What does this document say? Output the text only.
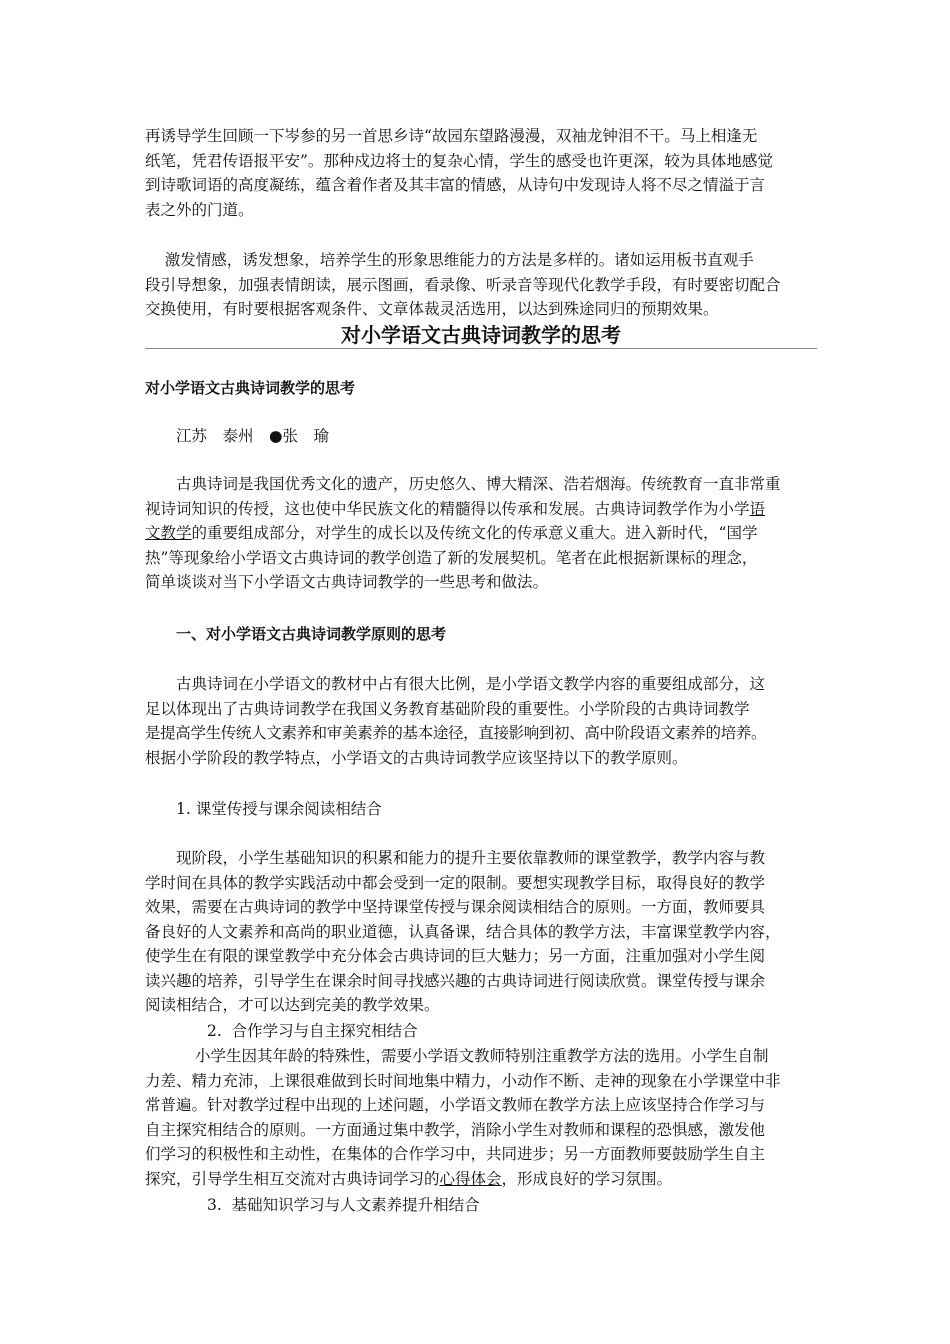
再诱导学生回顾一下岑参的另一首思乡诗“故园东望路漫漫，双袖龙钟泪不干。马上相逢无
纸笔，凭君传语报平安”。那种戍边将士的复杂心情，学生的感受也许更深，较为具体地感觉
到诗歌词语的高度凝练，蕴含着作者及其丰富的情感，从诗句中发现诗人将不尽之情溢于言
表之外的门道。
激发情感，诱发想象，培养学生的形象思维能力的方法是多样的。诸如运用板书直观手
段引导想象，加强表情朗读，展示图画，看录像、听录音等现代化教学手段，有时要密切配合
交换使用，有时要根据客观条件、文章体裁灵活选用，以达到殊途同归的预期效果。
对小学语文古典诗词教学的思考
对小学语文古典诗词教学的思考
江苏　泰州　●张　瑜
古典诗词是我国优秀文化的遗产，历史悠久、博大精深、浩若烟海。传统教育一直非常重
视诗词知识的传授，这也使中华民族文化的精髓得以传承和发展。古典诗词教学作为小学语
文教学的重要组成部分，对学生的成长以及传统文化的传承意义重大。进入新时代，“国学
热”等现象给小学语文古典诗词的教学创造了新的发展契机。笔者在此根据新课标的理念，
简单谈谈对当下小学语文古典诗词教学的一些思考和做法。
一、对小学语文古典诗词教学原则的思考
古典诗词在小学语文的教材中占有很大比例，是小学语文教学内容的重要组成部分，这
足以体现出了古典诗词教学在我国义务教育基础阶段的重要性。小学阶段的古典诗词教学
是提高学生传统人文素养和审美素养的基本途径，直接影响到初、高中阶段语文素养的培养。
根据小学阶段的教学特点，小学语文的古典诗词教学应该坚持以下的教学原则。
1. 课堂传授与课余阅读相结合
现阶段，小学生基础知识的积累和能力的提升主要依靠教师的课堂教学，教学内容与教
学时间在具体的教学实践活动中都会受到一定的限制。要想实现教学目标，取得良好的教学
效果，需要在古典诗词的教学中坚持课堂传授与课余阅读相结合的原则。一方面，教师要具
备良好的人文素养和高尚的职业道德，认真备课，结合具体的教学方法，丰富课堂教学内容，
使学生在有限的课堂教学中充分体会古典诗词的巨大魅力；另一方面，注重加强对小学生阅
读兴趣的培养，引导学生在课余时间寻找感兴趣的古典诗词进行阅读欣赏。课堂传授与课余
阅读相结合，才可以达到完美的教学效果。
2.  合作学习与自主探究相结合
小学生因其年龄的特殊性，需要小学语文教师特别注重教学方法的选用。小学生自制
力差、精力充沛，上课很难做到长时间地集中精力，小动作不断、走神的现象在小学课堂中非
常普遍。针对教学过程中出现的上述问题，小学语文教师在教学方法上应该坚持合作学习与
自主探究相结合的原则。一方面通过集中教学，消除小学生对教师和课程的恐惧感，激发他
们学习的积极性和主动性，在集体的合作学习中，共同进步；另一方面教师要鼓励学生自主
探究，引导学生相互交流对古典诗词学习的心得体会，形成良好的学习氛围。
3.  基础知识学习与人文素养提升相结合
